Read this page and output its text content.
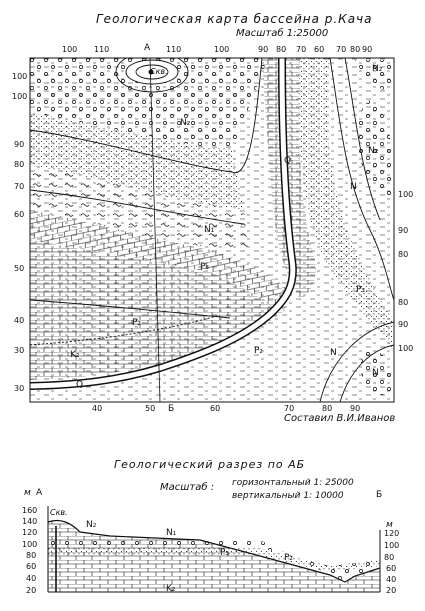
Геологическая карта бассейна р.Кача
Масштаб 1:25000
100 110	110	100	90 80 70 60 70 80 90
100
100
90
80
70
60
50
40
30
30
100
90
80
80
90
100
40	50	60	70	80 90
А
Б
Скв.
N₂
N₂
N₂
N₁
N
P₃
P₃
P₂
P₂
K₂
Q
Q
N
N
Составил В.И.Иванов
Геологический разрез по АБ
Масштаб : горизонтальный 1: 25000
вертикальный 1: 10000
м А	Б
м
Скв.
160
140
120
100
80
60
40
20
120
100
80
60
40
20
N₂
N₁
P₃	P₂
K₂
